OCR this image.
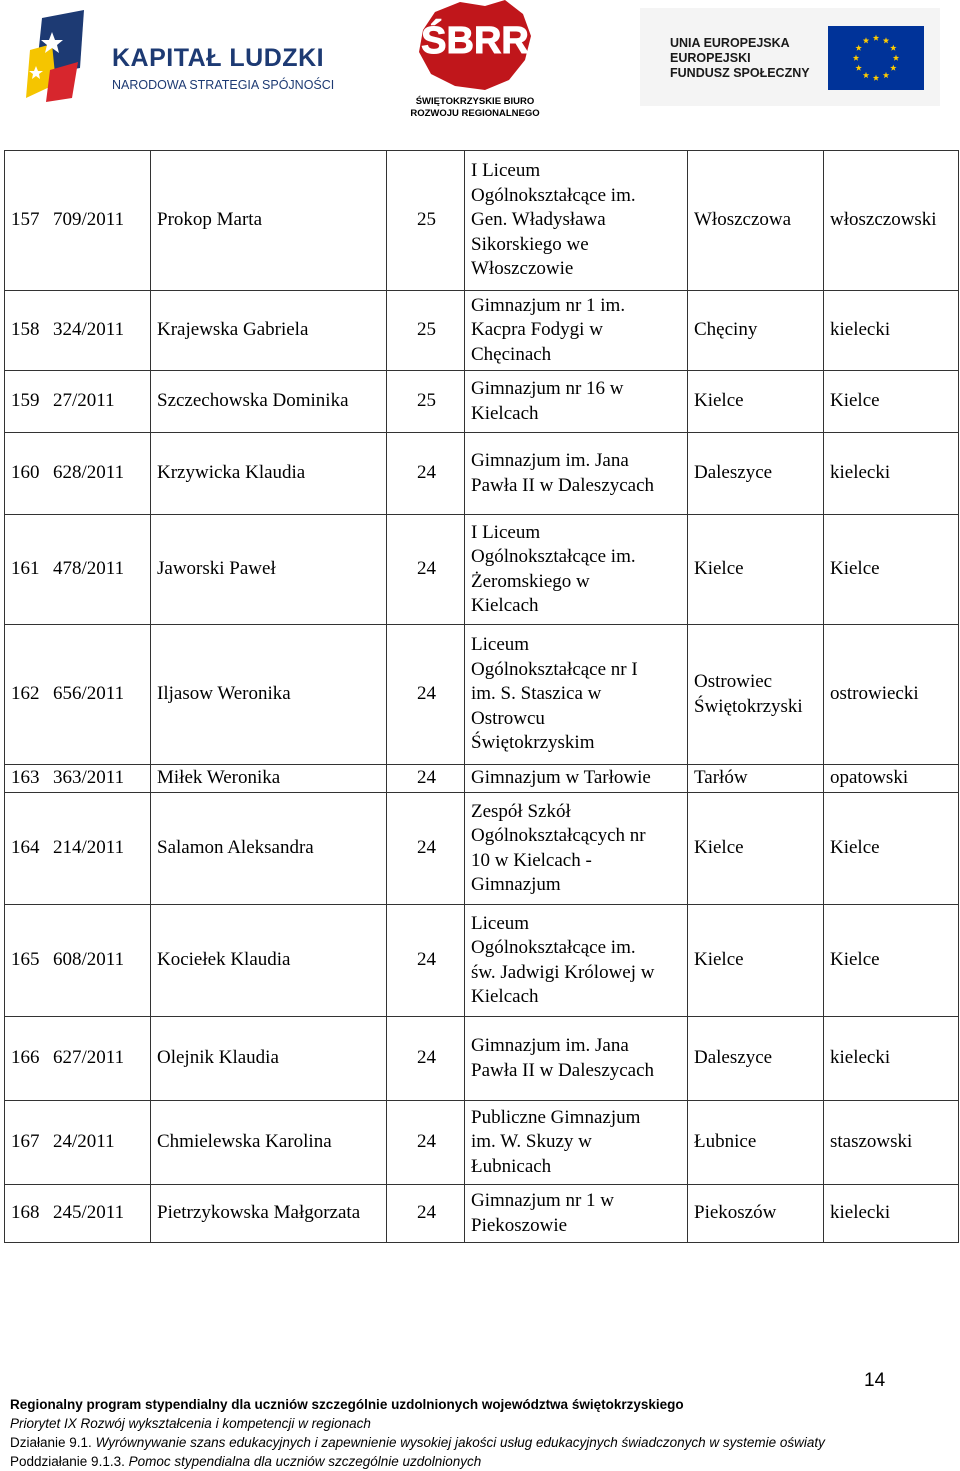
KAPITAŁ LUDZKI
NARODOWA STRATEGIA SPÓJNOŚCI
ŚBRR
ŚWIĘTOKRZYSKIE BIURO
ROZWOJU REGIONALNEGO
UNIA EUROPEJSKA
EUROPEJSKI
FUNDUSZ SPOŁECZNY
157 709/2011	Prokop Marta	25	I Liceum
Ogólnokształcące im.
Gen. Władysława
Sikorskiego we
Włoszczowie	Włoszczowa	włoszczowski
158 324/2011	Krajewska Gabriela	25	Gimnazjum nr 1 im.
Kacpra Fodygi w
Chęcinach	Chęciny	kielecki
159 27/2011	Szczechowska Dominika	25	Gimnazjum nr 16 w
Kielcach	Kielce	Kielce
160 628/2011	Krzywicka Klaudia	24	Gimnazjum im. Jana
Pawła II w Daleszycach	Daleszyce	kielecki
161 478/2011	Jaworski Paweł	24	I Liceum
Ogólnokształcące im.
Żeromskiego w
Kielcach	Kielce	Kielce
162 656/2011	Iljasow Weronika	24	Liceum
Ogólnokształcące nr I
im. S. Staszica w
Ostrowcu
Świętokrzyskim	Ostrowiec
Świętokrzyski	ostrowiecki
163 363/2011	Miłek Weronika	24	Gimnazjum w Tarłowie	Tarłów	opatowski
164 214/2011	Salamon Aleksandra	24	Zespół Szkół
Ogólnokształcących nr
10 w Kielcach -
Gimnazjum	Kielce	Kielce
165 608/2011	Kociełek Klaudia	24	Liceum
Ogólnokształcące im.
św. Jadwigi Królowej w
Kielcach	Kielce	Kielce
166 627/2011	Olejnik Klaudia	24	Gimnazjum im. Jana
Pawła II w Daleszycach	Daleszyce	kielecki
167 24/2011	Chmielewska Karolina	24	Publiczne Gimnazjum
im. W. Skuzy w
Łubnicach	Łubnice	staszowski
168 245/2011	Pietrzykowska Małgorzata	24	Gimnazjum nr 1 w
Piekoszowie	Piekoszów	kielecki
14
Regionalny program stypendialny dla uczniów szczególnie uzdolnionych województwa świętokrzyskiego
Priorytet IX Rozwój wykształcenia i kompetencji w regionach
Działanie 9.1. Wyrównywanie szans edukacyjnych i zapewnienie wysokiej jakości usług edukacyjnych świadczonych w systemie oświaty
Poddziałanie 9.1.3. Pomoc stypendialna dla uczniów szczególnie uzdolnionych
